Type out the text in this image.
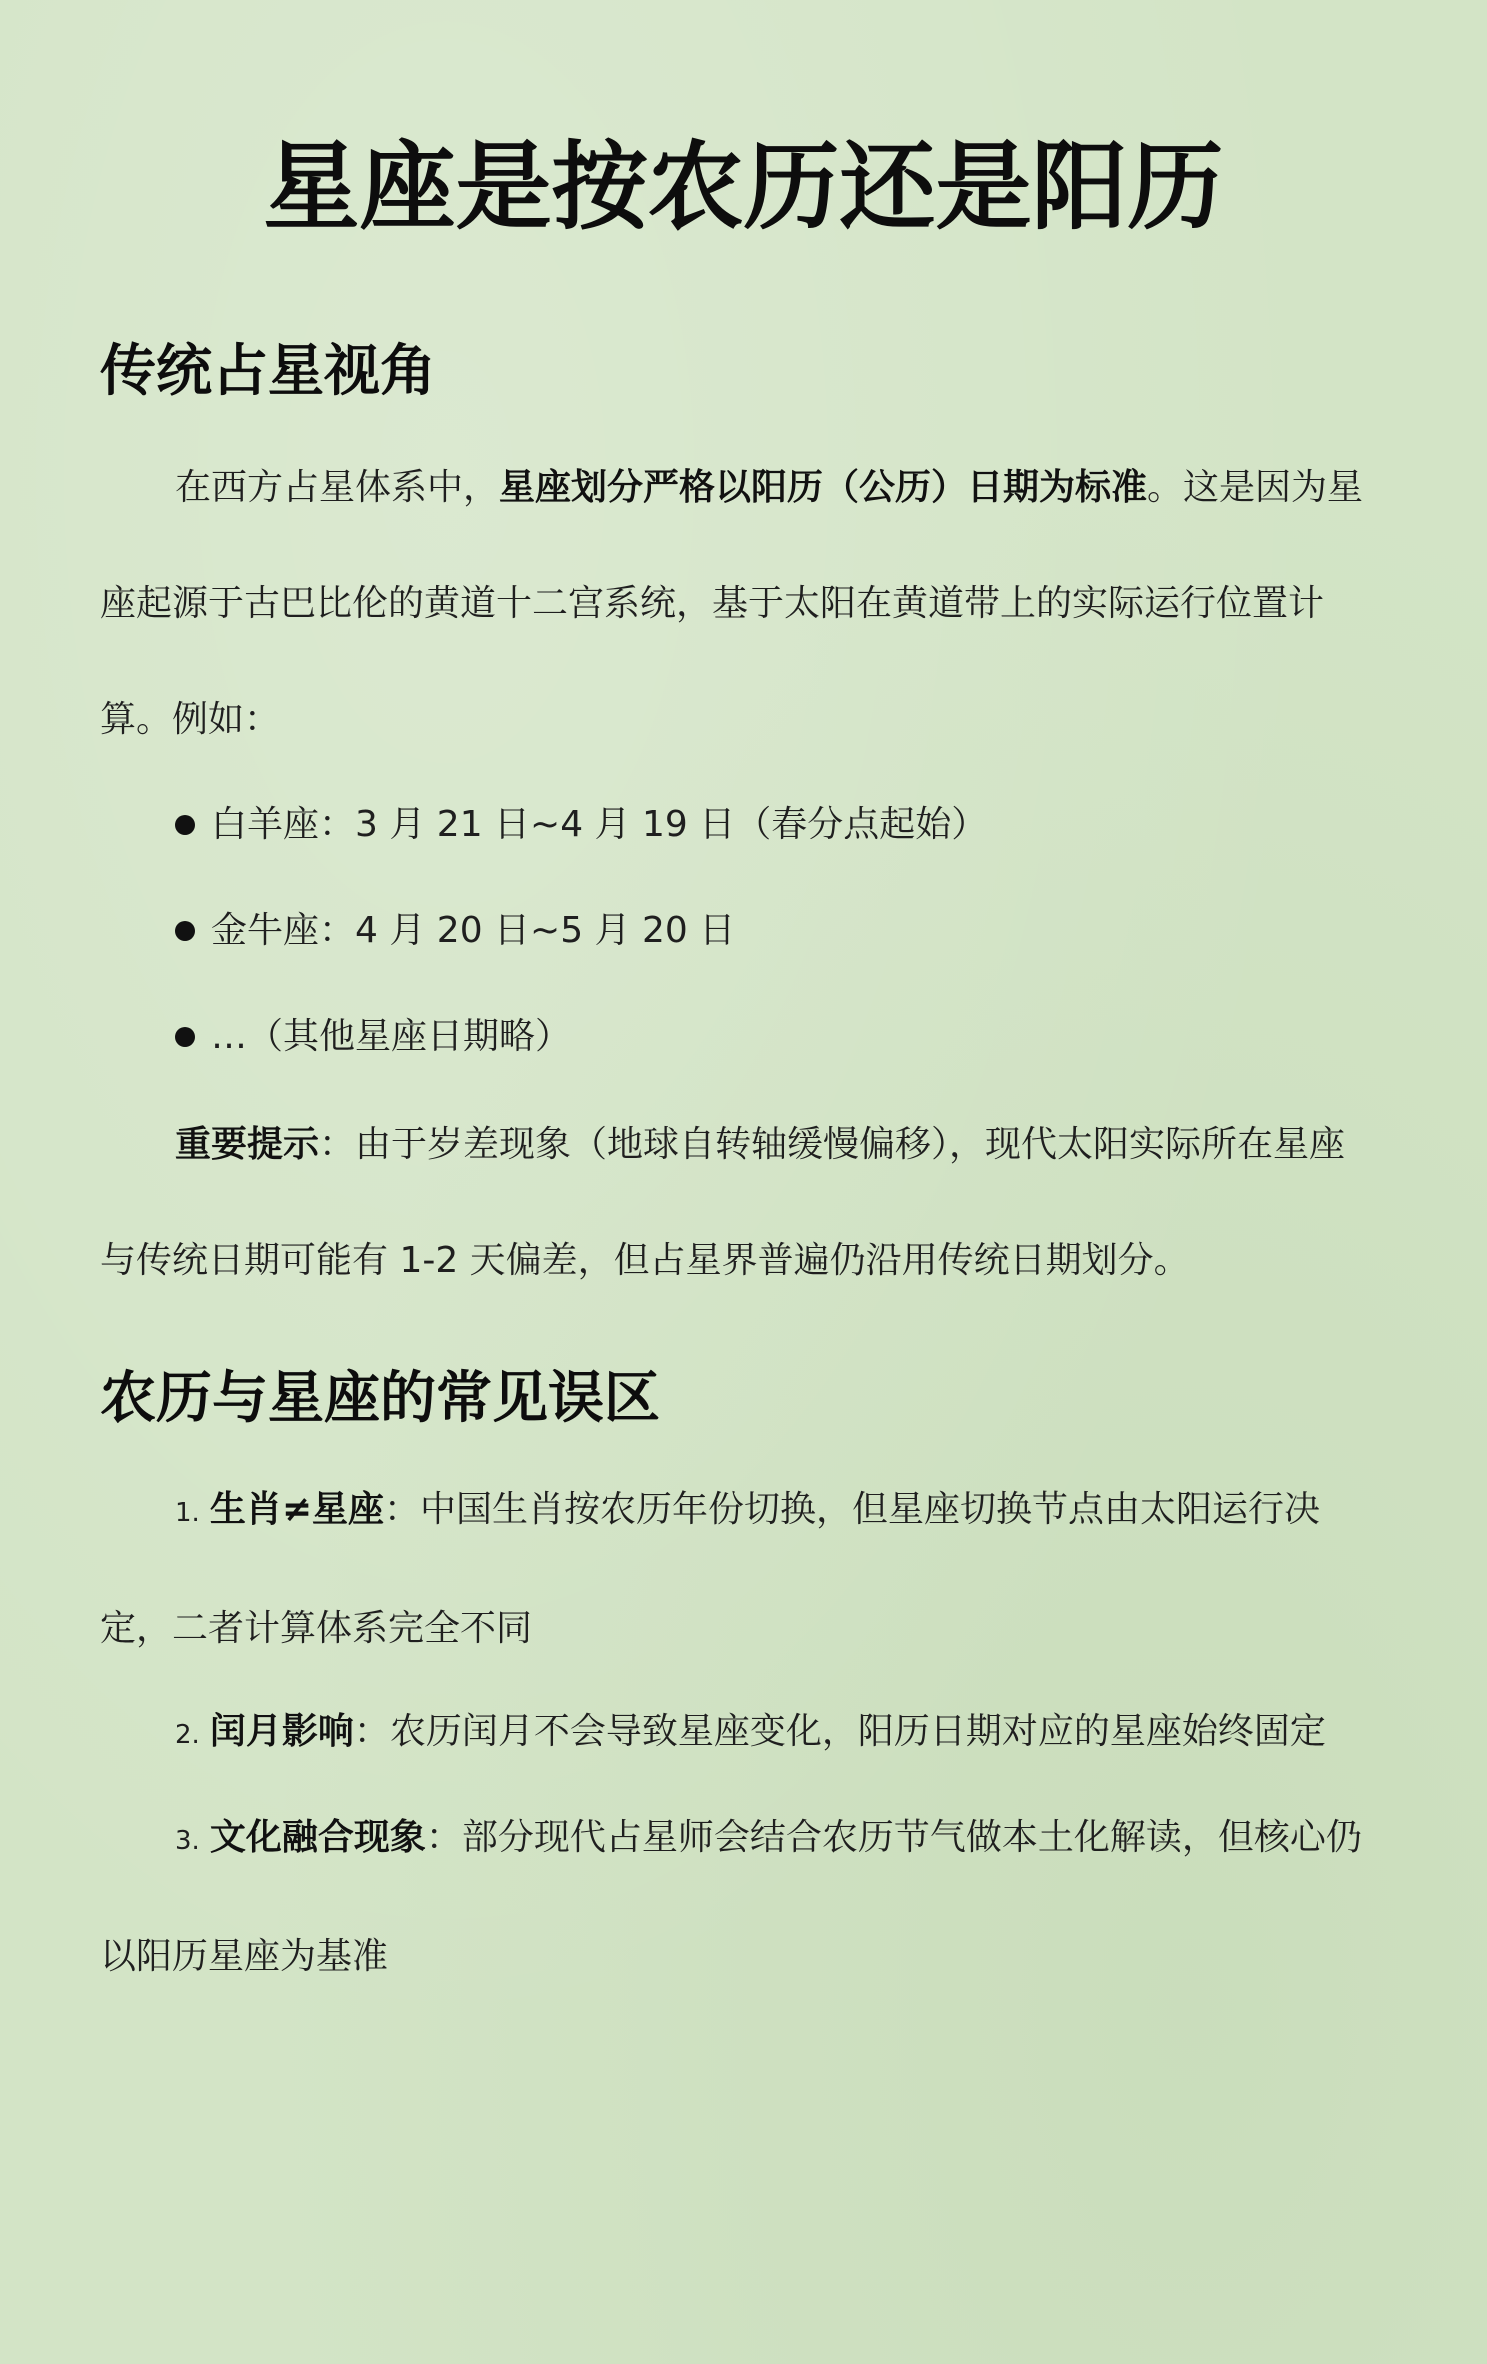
星座是按农历还是阳历
传统占星视角

在西方占星体系中，星座划分严格以阳历（公历）日期为标准。这是因为星座起源于古巴比伦的黄道十二宫系统，基于太阳在黄道带上的实际运行位置计算。例如：

白羊座：3 月 21 日~4 月 19 日（春分点起始）
金牛座：4 月 20 日~5 月 20 日
…（其他星座日期略）

重要提示：由于岁差现象（地球自转轴缓慢偏移），现代太阳实际所在星座与传统日期可能有 1-2 天偏差，但占星界普遍仍沿用传统日期划分。

农历与星座的常见误区

1. 生肖≠星座：中国生肖按农历年份切换，但星座切换节点由太阳运行决定，二者计算体系完全不同

2. 闰月影响：农历闰月不会导致星座变化，阳历日期对应的星座始终固定

3. 文化融合现象：部分现代占星师会结合农历节气做本土化解读，但核心仍以阳历星座为基准
